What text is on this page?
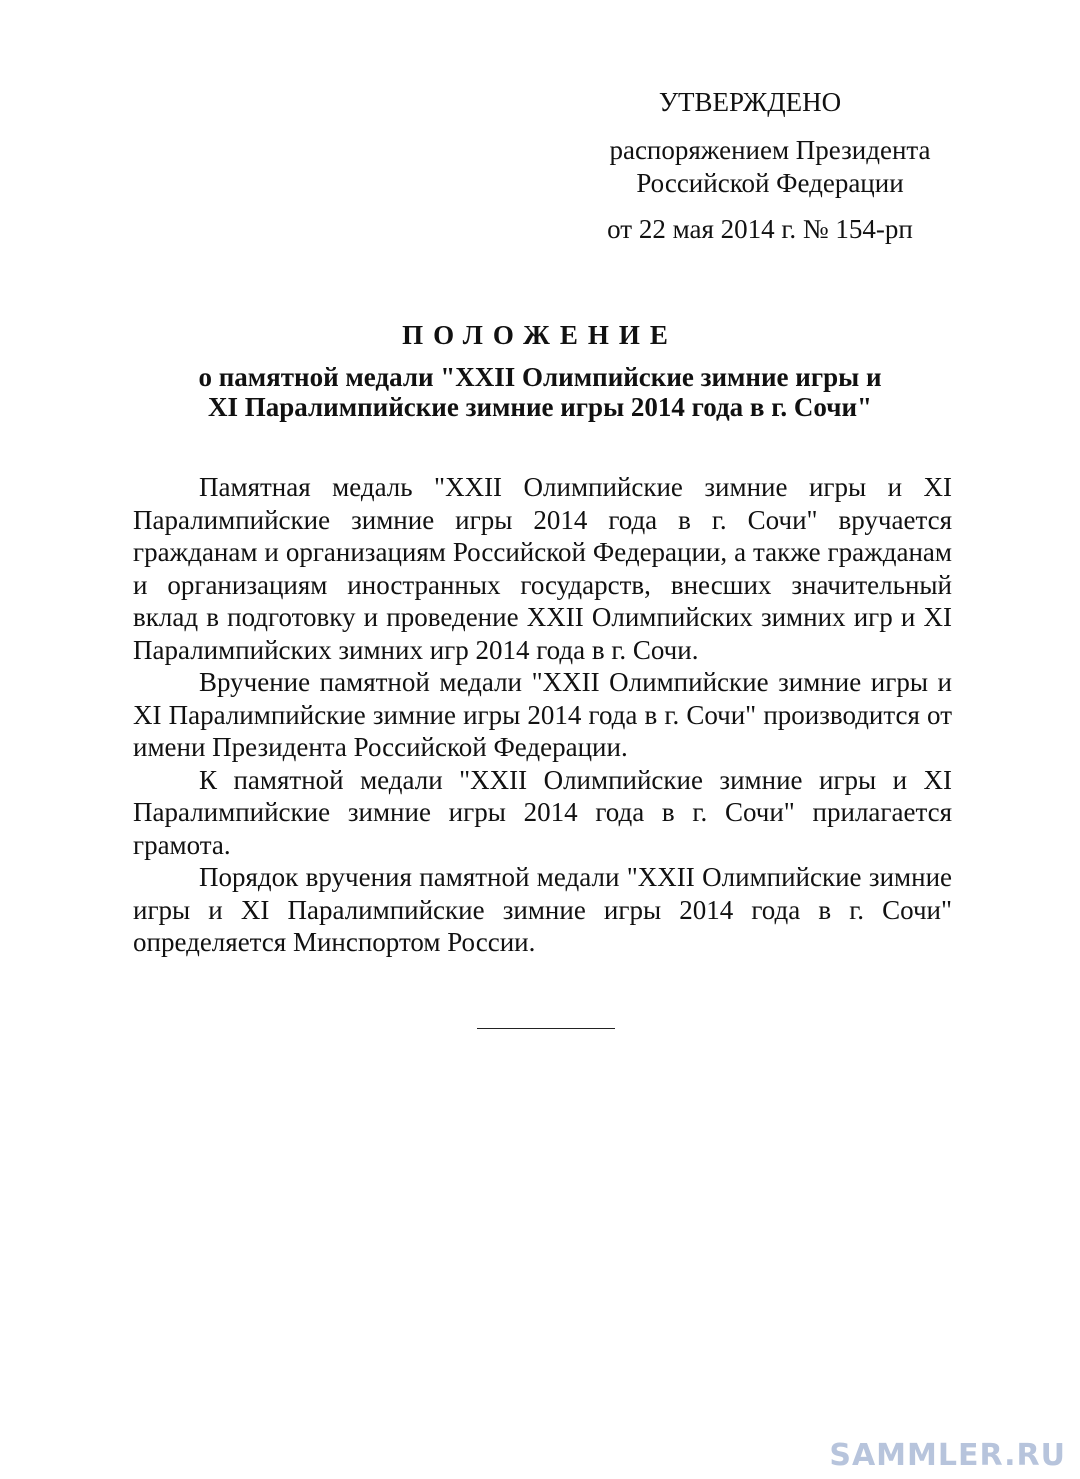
УТВЕРЖДЕНО
распоряжением Президента
Российской Федерации
от 22 мая 2014 г. № 154-рп
ПОЛОЖЕНИЕ
о памятной медали "XXII Олимпийские зимние игры и
XI Паралимпийские зимние игры 2014 года в г. Сочи"

Памятная медаль "XXII Олимпийские зимние игры и XI Паралимпийские зимние игры 2014 года в г. Сочи" вручается гражданам и организациям Российской Федерации, а также гражданам и организациям иностранных государств, внесших значительный вклад в подготовку и проведение XXII Олимпийских зимних игр и XI Паралимпийских зимних игр 2014 года в г. Сочи.

Вручение памятной медали "XXII Олимпийские зимние игры и XI Паралимпийские зимние игры 2014 года в г. Сочи" производится от имени Президента Российской Федерации.

К памятной медали "XXII Олимпийские зимние игры и XI Паралимпийские зимние игры 2014 года в г. Сочи" прилагается грамота.

Порядок вручения памятной медали "XXII Олимпийские зимние игры и XI Паралимпийские зимние игры 2014 года в г. Сочи" определяется Минспортом России.

SAMMLER.RU
